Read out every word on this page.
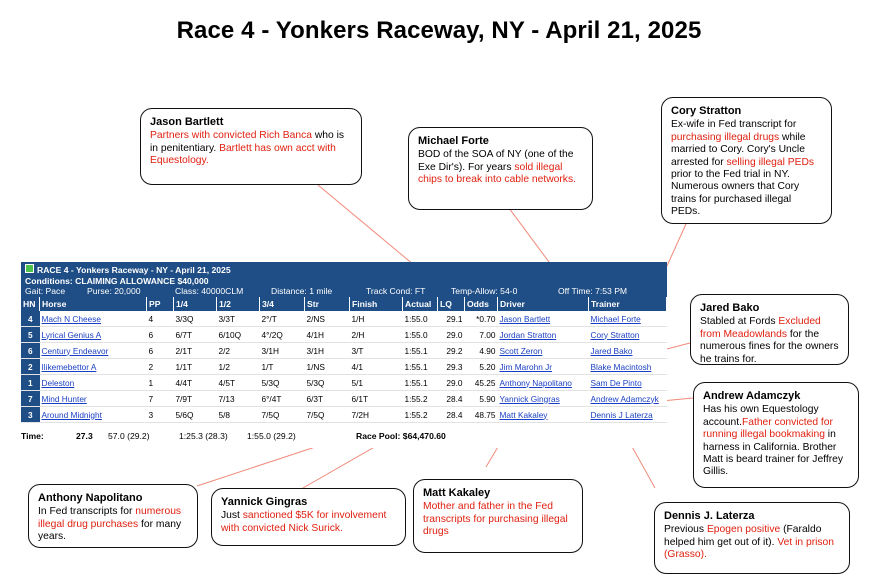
Race 4 - Yonkers Raceway, NY - April 21, 2025
RACE 4 - Yonkers Raceway - NY - April 21, 2025
Conditions: CLAIMING ALLOWANCE $40,000
Gait: Pace	Purse: 20,000	Class: 40000CLM	Distance: 1 mile	Track Cond: FT	Temp-Allow: 54-0	Off Time: 7:53 PM
HN	Horse	PP	1/4	1/2	3/4	Str	Finish	Actual	LQ	Odds	Driver	Trainer
4	Mach N Cheese	4	3/3Q	3/3T	2°/T	2/NS	1/H	1:55.0	29.1	*0.70	Jason Bartlett	Michael Forte
5	Lyrical Genius A	6	6/7T	6/10Q	4°/2Q	4/1H	2/H	1:55.0	29.0	7.00	Jordan Stratton	Cory Stratton
6	Century Endeavor	6	2/1T	2/2	3/1H	3/1H	3/T	1:55.1	29.2	4.90	Scott Zeron	Jared Bako
2	Ilikemebettor A	2	1/1T	1/2	1/T	1/NS	4/1	1:55.1	29.3	5.20	Jim Marohn Jr	Blake Macintosh
1	Deleston	1	4/4T	4/5T	5/3Q	5/3Q	5/1	1:55.1	29.0	45.25	Anthony Napolitano	Sam De Pinto
7	Mind Hunter	7	7/9T	7/13	6°/4T	6/3T	6/1T	1:55.2	28.4	5.90	Yannick Gingras	Andrew Adamczyk
3	Around Midnight	3	5/6Q	5/8	7/5Q	7/5Q	7/2H	1:55.2	28.4	48.75	Matt Kakaley	Dennis J Laterza
Time:	27.3 57.0 (29.2)	1:25.3 (28.3) 1:55.0 (29.2)	Race Pool: $64,470.60
Jason Bartlett
Partners with convicted Rich Banca who is in penitentiary. Bartlett has own acct with Equestology.
Michael Forte
BOD of the SOA of NY (one of the Exe Dir's). For years sold illegal chips to break into cable networks.
Cory Stratton
Ex-wife in Fed transcript for purchasing illegal drugs while married to Cory. Cory's Uncle arrested for selling illegal PEDs prior to the Fed trial in NY. Numerous owners that Cory trains for purchased illegal PEDs.
Jared Bako
Stabled at Fords Excluded from Meadowlands for the numerous fines for the owners he trains for.
Andrew Adamczyk
Has his own Equestology account.Father convicted for running illegal bookmaking in harness in California. Brother Matt is beard trainer for Jeffrey Gillis.
Anthony Napolitano
In Fed transcripts for numerous illegal drug purchases for many years.
Yannick Gingras
Just sanctioned $5K for involvement with convicted Nick Surick.
Matt Kakaley
Mother and father in the Fed transcripts for purchasing illegal drugs
Dennis J. Laterza
Previous Epogen positive (Faraldo helped him get out of it). Vet in prison (Grasso).
